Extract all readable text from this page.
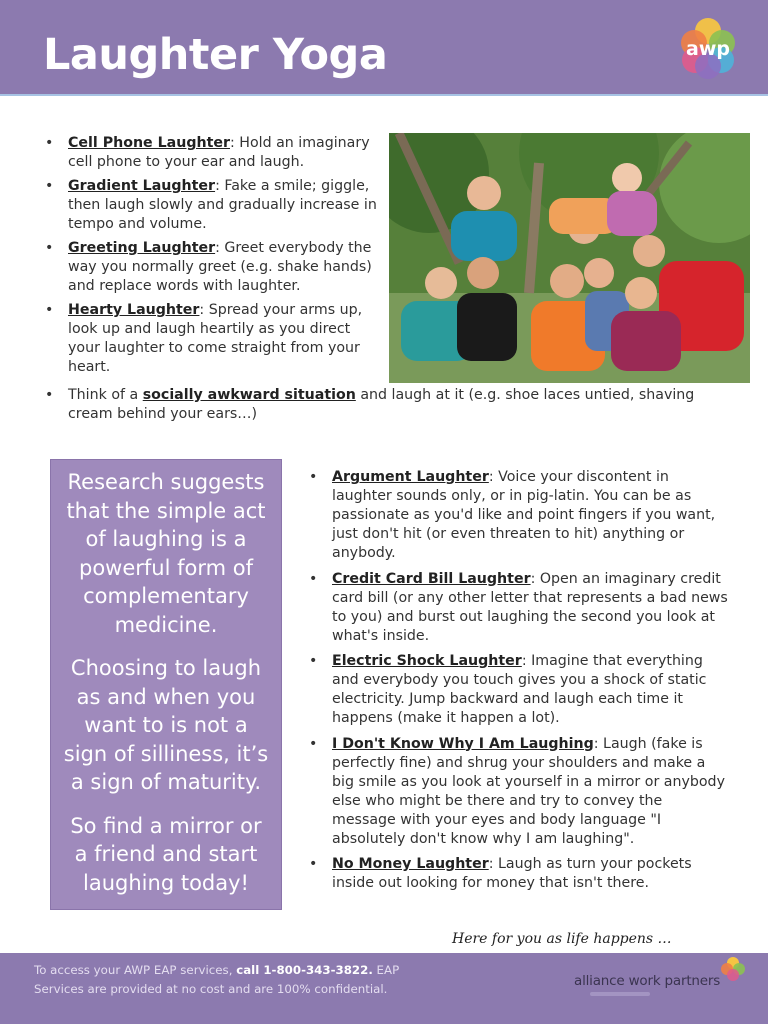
Laughter Yoga	awp
• Cell Phone Laughter: Hold an imaginary cell phone to your ear and laugh.
• Gradient Laughter: Fake a smile; giggle, then laugh slowly and gradually increase in tempo and volume.
• Greeting Laughter: Greet everybody the way you normally greet (e.g. shake hands) and replace words with laughter.
• Hearty Laughter: Spread your arms up, look up and laugh heartily as you direct your laughter to come straight from your heart.
• Think of a socially awkward situation and laugh at it (e.g. shoe laces untied, shaving cream behind your ears…)

Research suggests that the simple act of laughing is a powerful form of complementary medicine.

Choosing to laugh as and when you want to is not a sign of silliness, it’s a sign of maturity.

So find a mirror or a friend and start laughing today!

• Argument Laughter: Voice your discontent in laughter sounds only, or in pig-latin. You can be as passionate as you'd like and point fingers if you want, just don't hit (or even threaten to hit) anything or anybody.
• Credit Card Bill Laughter: Open an imaginary credit card bill (or any other letter that represents a bad news to you) and burst out laughing the second you look at what's inside.
• Electric Shock Laughter: Imagine that everything and everybody you touch gives you a shock of static electricity. Jump backward and laugh each time it happens (make it happen a lot).
• I Don't Know Why I Am Laughing: Laugh (fake is perfectly fine) and shrug your shoulders and make a big smile as you look at yourself in a mirror or anybody else who might be there and try to convey the message with your eyes and body language "I absolutely don't know why I am laughing".
• No Money Laughter: Laugh as turn your pockets inside out looking for money that isn't there.
Here for you as life happens …
To access your AWP EAP services, call 1-800-343-3822. EAP
Services are provided at no cost and are 100% confidential.	alliance work partners
